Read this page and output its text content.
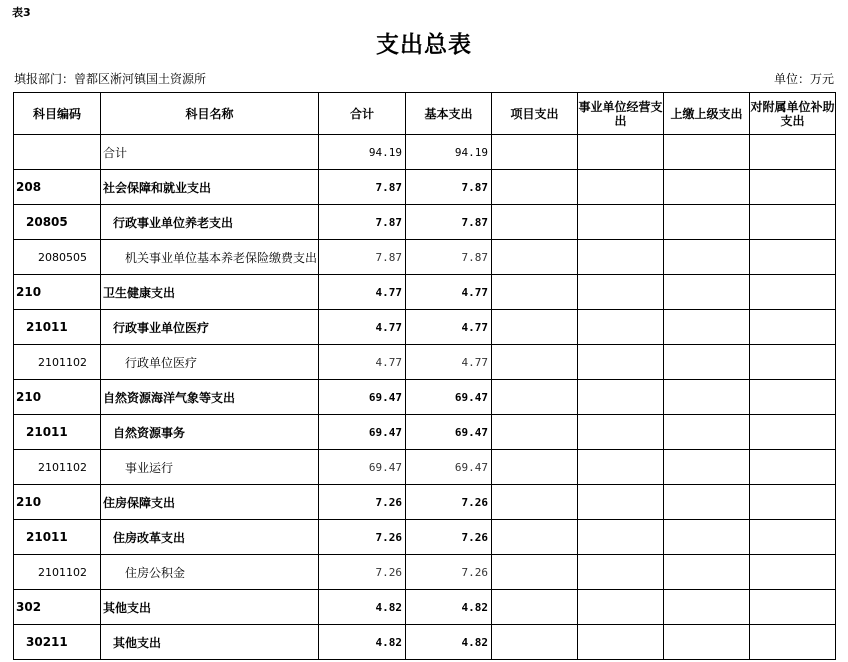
表3
支出总表
填报部门：曾都区淅河镇国土资源所	单位：万元
科目编码	科目名称	合计	基本支出	项目支出	事业单位经营支出	上缴上级支出	对附属单位补助支出
	合计	94.19	94.19				
208	社会保障和就业支出	7.87	7.87				
20805	行政事业单位养老支出	7.87	7.87				
2080505	机关事业单位基本养老保险缴费支出	7.87	7.87				
210	卫生健康支出	4.77	4.77				
21011	行政事业单位医疗	4.77	4.77				
2101102	行政单位医疗	4.77	4.77				
210	自然资源海洋气象等支出	69.47	69.47				
21011	自然资源事务	69.47	69.47				
2101102	事业运行	69.47	69.47				
210	住房保障支出	7.26	7.26				
21011	住房改革支出	7.26	7.26				
2101102	住房公积金	7.26	7.26				
302	其他支出	4.82	4.82				
30211	其他支出	4.82	4.82				
